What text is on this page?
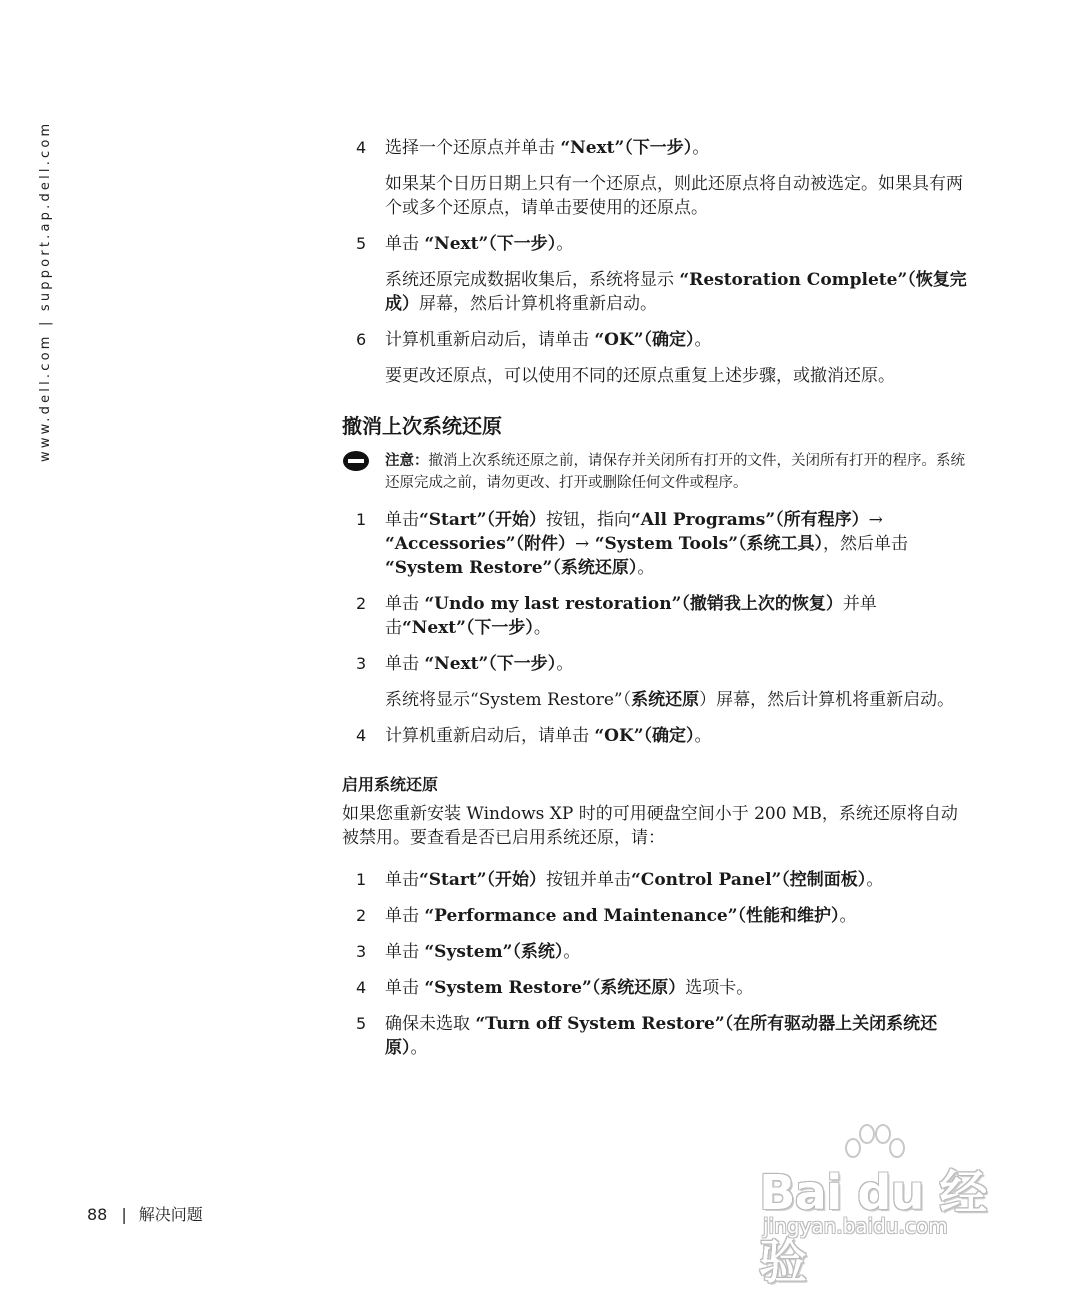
www.dell.com | support.ap.dell.com	4 选择一个还原点并单击 “Next”（下一步）。

如果某个日历日期上只有一个还原点，则此还原点将自动被选定。如果具有两个或多个还原点，请单击要使用的还原点。

5 单击 “Next”（下一步）。

系统还原完成数据收集后，系统将显示 “Restoration Complete”（恢复完成）屏幕，然后计算机将重新启动。

6 计算机重新启动后，请单击 “OK”（确定）。

要更改还原点，可以使用不同的还原点重复上述步骤，或撤消还原。

撤消上次系统还原
注意：撤消上次系统还原之前，请保存并关闭所有打开的文件，关闭所有打开的程序。系统还原完成之前，请勿更改、打开或删除任何文件或程序。
1 单击“Start”（开始）按钮，指向“All Programs”（所有程序）→ “Accessories”（附件）→ “System Tools”（系统工具），然后单击 “System Restore”（系统还原）。
2 单击 “Undo my last restoration”（撤销我上次的恢复）并单击“Next”（下一步）。
3 单击 “Next”（下一步）。

系统将显示“System Restore”（系统还原）屏幕，然后计算机将重新启动。

4 计算机重新启动后，请单击 “OK”（确定）。
启用系统还原

如果您重新安装 Windows XP 时的可用硬盘空间小于 200 MB，系统还原将自动被禁用。要查看是否已启用系统还原，请：

1 单击“Start”（开始）按钮并单击“Control Panel”（控制面板）。
2 单击 “Performance and Maintenance”（性能和维护）。
3 单击 “System”（系统）。
4 单击 “System Restore”（系统还原）选项卡。
5 确保未选取 “Turn off System Restore”（在所有驱动器上关闭系统还原）。
88 | 解决问题	Bai du 经验
jingyan.baidu.com
